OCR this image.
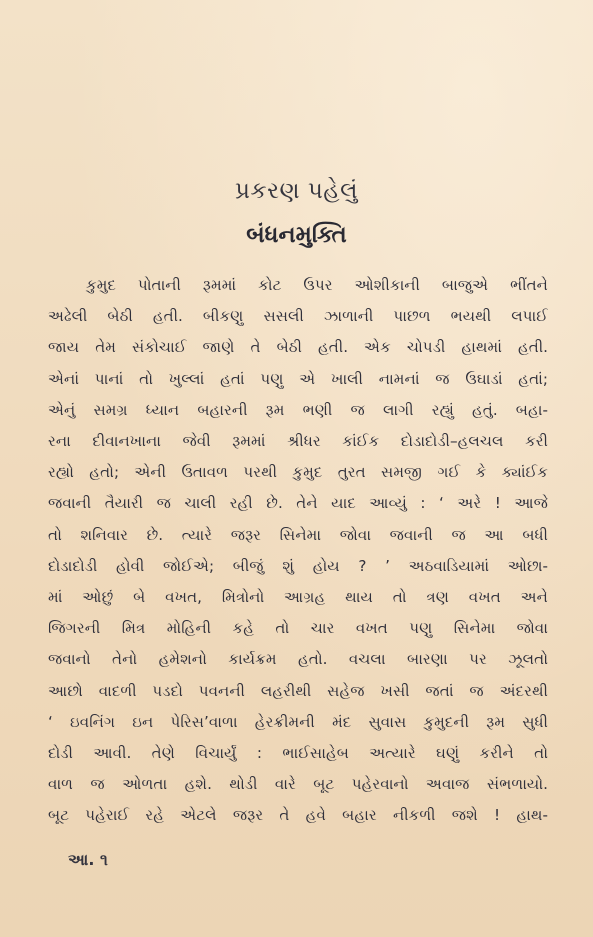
પ્રકરણ પહેલું
બંધનમુક્તિ
કુમુદ પોતાની રૂમમાં કોટ ઉપર ઓશીકાની બાજુએ ભીંતને
અઢેલી બેઠી હતી. બીકણુ સસલી ઝાળાની પાછળ ભયથી લપાઈ
જાય તેમ સંકોચાઈ જાણે તે બેઠી હતી. એક ચોપડી હાથમાં હતી.
એનાં પાનાં તો ખુલ્લાં હતાં પણુ એ ખાલી નામનાં જ ઉઘાડાં હતાં;
એનું સમગ્ર ધ્યાન બહારની રૂમ ભણી જ લાગી રહ્યું હતું. બહા-
રના દીવાનખાના જેવી રૂમમાં શ્રીધર કાંઈક દોડાદોડી–હલચલ કરી
રહ્યો હતો; એની ઉતાવળ પરથી કુમુદ તુરત સમજી ગઈ કે ક્યાંઈક
જવાની તૈયારી જ ચાલી રહી છે. તેને યાદ આવ્યું : ‘ અરે ! આજે
તો શનિવાર છે. ત્યારે જરૂર સિનેમા જોવા જવાની જ આ બધી
દોડાદોડી હોવી જોઈએ; બીજું શું હોય ? ’ અઠવાડિયામાં ઓછા-
માં ઓછું બે વખત, મિત્રોનો આગ્રહ થાય તો ત્રણ વખત અને
જિગરની મિત્ર મોહિની કહે તો ચાર વખત પણુ સિનેમા જોવા
જવાનો તેનો હમેશનો કાર્યક્રમ હતો. વચલા બારણા પર ઝૂલતો
આછો વાદળી પડદો પવનની લહરીથી સહેજ ખસી જતાં જ અંદરથી
‘ ઇવનિંગ ઇન પેરિસ’વાળા હેરક્રીમની મંદ સુવાસ કુમુદની રૂમ સુધી
દોડી આવી. તેણે વિચાર્યું : ભાઈસાહેબ અત્યારે ઘણું કરીને તો
વાળ જ ઓળતા હશે. થોડી વારે બૂટ પહેરવાનો અવાજ સંભળાયો.
બૂટ પહેરાઈ રહે એટલે જરૂર તે હવે બહાર નીકળી જશે ! હાથ-
આ. ૧
